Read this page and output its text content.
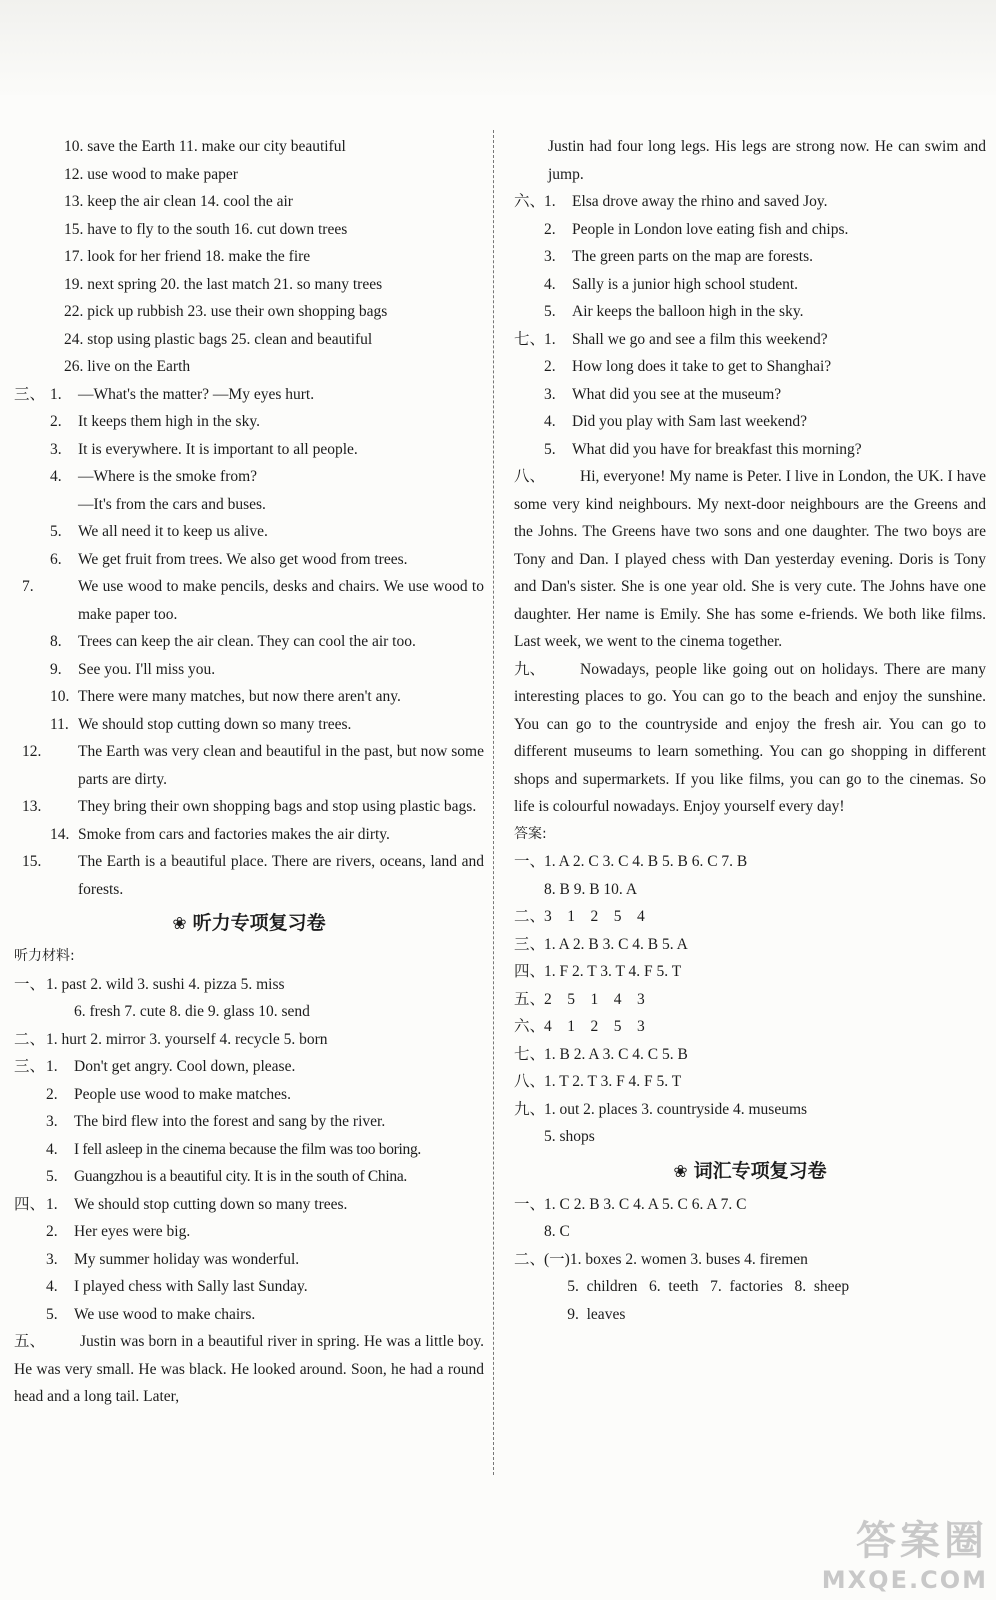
10. save the Earth 11. make our city beautiful
12. use wood to make paper
13. keep the air clean 14. cool the air
15. have to fly to the south 16. cut down trees
17. look for her friend 18. make the fire
19. next spring 20. the last match 21. so many trees
22. pick up rubbish 23. use their own shopping bags
24. stop using plastic bags 25. clean and beautiful
26. live on the Earth
三、 1. —What's the matter? —My eyes hurt.
2. It keeps them high in the sky.
3. It is everywhere. It is important to all people.
4. —Where is the smoke from?
—It's from the cars and buses.
5. We all need it to keep us alive.
6. We get fruit from trees. We also get wood from trees.
7.	We use wood to make pencils, desks and chairs. We use wood to make paper too.
8. Trees can keep the air clean. They can cool the air too.
9. See you. I'll miss you.
10. There were many matches, but now there aren't any.
11. We should stop cutting down so many trees.
12. The Earth was very clean and beautiful in the past, but now some parts are dirty.
13. They bring their own shopping bags and stop using plastic bags.
14. Smoke from cars and factories makes the air dirty.
15. The Earth is a beautiful place. There are rivers, oceans, land and forests.
❀ 听力专项复习卷
听力材料:
一、1. past 2. wild 3. sushi 4. pizza 5. miss
6. fresh 7. cute 8. die 9. glass 10. send
二、1. hurt 2. mirror 3. yourself 4. recycle 5. born
三、1. Don't get angry. Cool down, please.
2. People use wood to make matches.
3. The bird flew into the forest and sang by the river.
4. I fell asleep in the cinema because the film was too boring.
5. Guangzhou is a beautiful city. It is in the south of China.
四、1. We should stop cutting down so many trees.
2. Her eyes were big.
3. My summer holiday was wonderful.
4. I played chess with Sally last Sunday.
5. We use wood to make chairs.
五、 Justin was born in a beautiful river in spring. He was a little boy. He was very small. He was black. He looked around. Soon, he had a round head and a long tail. Later,
Justin had four long legs. His legs are strong now. He can swim and jump.
六、1. Elsa drove away the rhino and saved Joy.
2. People in London love eating fish and chips.
3. The green parts on the map are forests.
4. Sally is a junior high school student.
5. Air keeps the balloon high in the sky.
七、1. Shall we go and see a film this weekend?
2. How long does it take to get to Shanghai?
3. What did you see at the museum?
4. Did you play with Sam last weekend?
5. What did you have for breakfast this morning?
八、 Hi, everyone! My name is Peter. I live in London, the UK. I have some very kind neighbours. My next-door neighbours are the Greens and the Johns. The Greens have two sons and one daughter. The two boys are Tony and Dan. I played chess with Dan yesterday evening. Doris is Tony and Dan's sister. She is one year old. She is very cute. The Johns have one daughter. Her name is Emily. She has some e-friends. We both like films. Last week, we went to the cinema together.
九、 Nowadays, people like going out on holidays. There are many interesting places to go. You can go to the beach and enjoy the sunshine. You can go to the countryside and enjoy the fresh air. You can go to different museums to learn something. You can go shopping in different shops and supermarkets. If you like films, you can go to the cinemas. So life is colourful nowadays. Enjoy yourself every day!
答案:
一、1. A 2. C 3. C 4. B 5. B 6. C 7. B
8. B 9. B 10. A
二、3    1    2    5    4
三、1. A 2. B 3. C 4. B 5. A
四、1. F 2. T 3. T 4. F 5. T
五、2    5    1    4    3
六、4    1    2    5    3
七、1. B 2. A 3. C 4. C 5. B
八、1. T 2. T 3. F 4. F 5. T
九、1. out 2. places 3. countryside 4. museums
5. shops
❀ 词汇专项复习卷
一、1. C 2. B 3. C 4. A 5. C 6. A 7. C
8. C
二、(一)1. boxes 2. women 3. buses 4. firemen
5.  children   6.  teeth   7.  factories   8.  sheep
9.  leaves
答案圈
MXQE.COM
